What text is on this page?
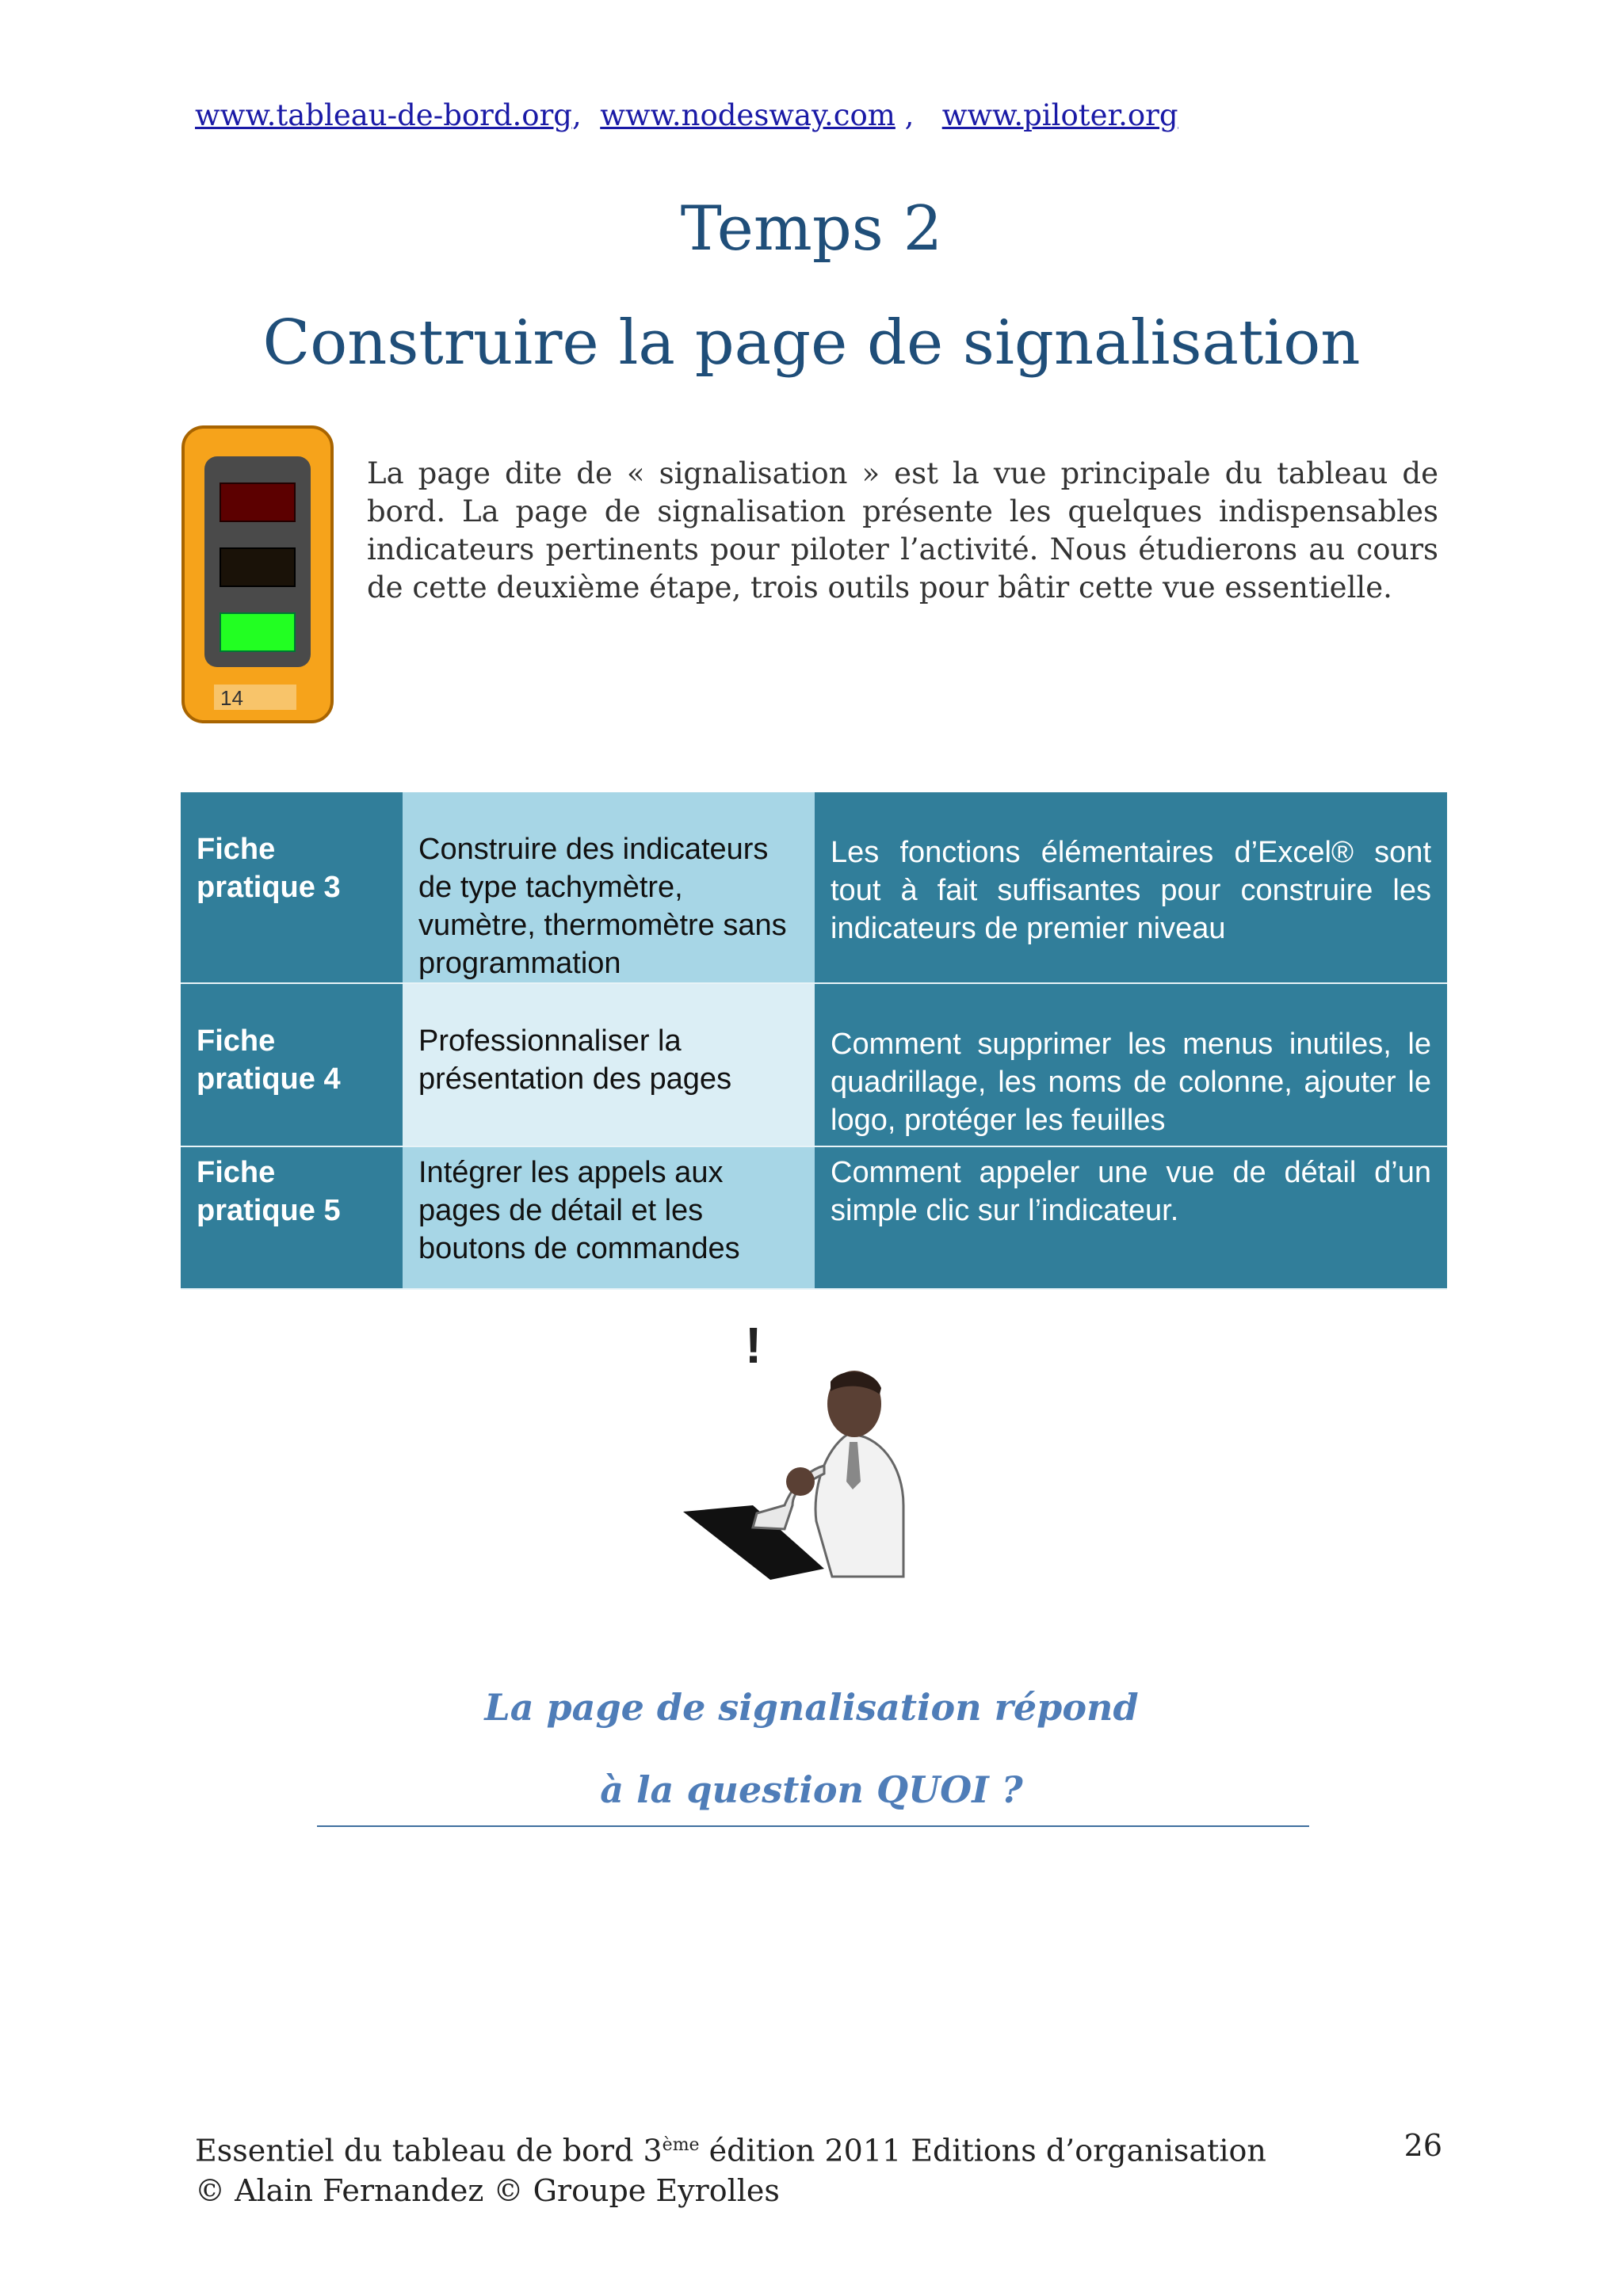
www.tableau-de-bord.org, www.nodesway.com , www.piloter.org
Temps 2
Construire la page de signalisation
14

La page dite de « signalisation » est la vue principale du tableau de bord. La page de signalisation présente les quelques indispensables indicateurs pertinents pour piloter l’activité. Nous étudierons au cours de cette deuxième étape, trois outils pour bâtir cette vue essentielle.

Fiche
pratique 3	Construire des indicateurs de type tachymètre, vumètre, thermomètre sans programmation	Les fonctions élémentaires d’Excel® sont tout à fait suffisantes pour construire les indicateurs de premier niveau

Fiche
pratique 4	Professionnaliser la présentation des pages	Comment supprimer les menus inutiles, le quadrillage, les noms de colonne, ajouter le logo, protéger les feuilles

Fiche
pratique 5	Intégrer les appels aux pages de détail et les boutons de commandes	Comment appeler une vue de détail d’un simple clic sur l’indicateur.
!
La page de signalisation répond
à la question QUOI ?
Essentiel du tableau de bord 3ème édition 2011 Editions d’organisation
© Alain Fernandez © Groupe Eyrolles
26
